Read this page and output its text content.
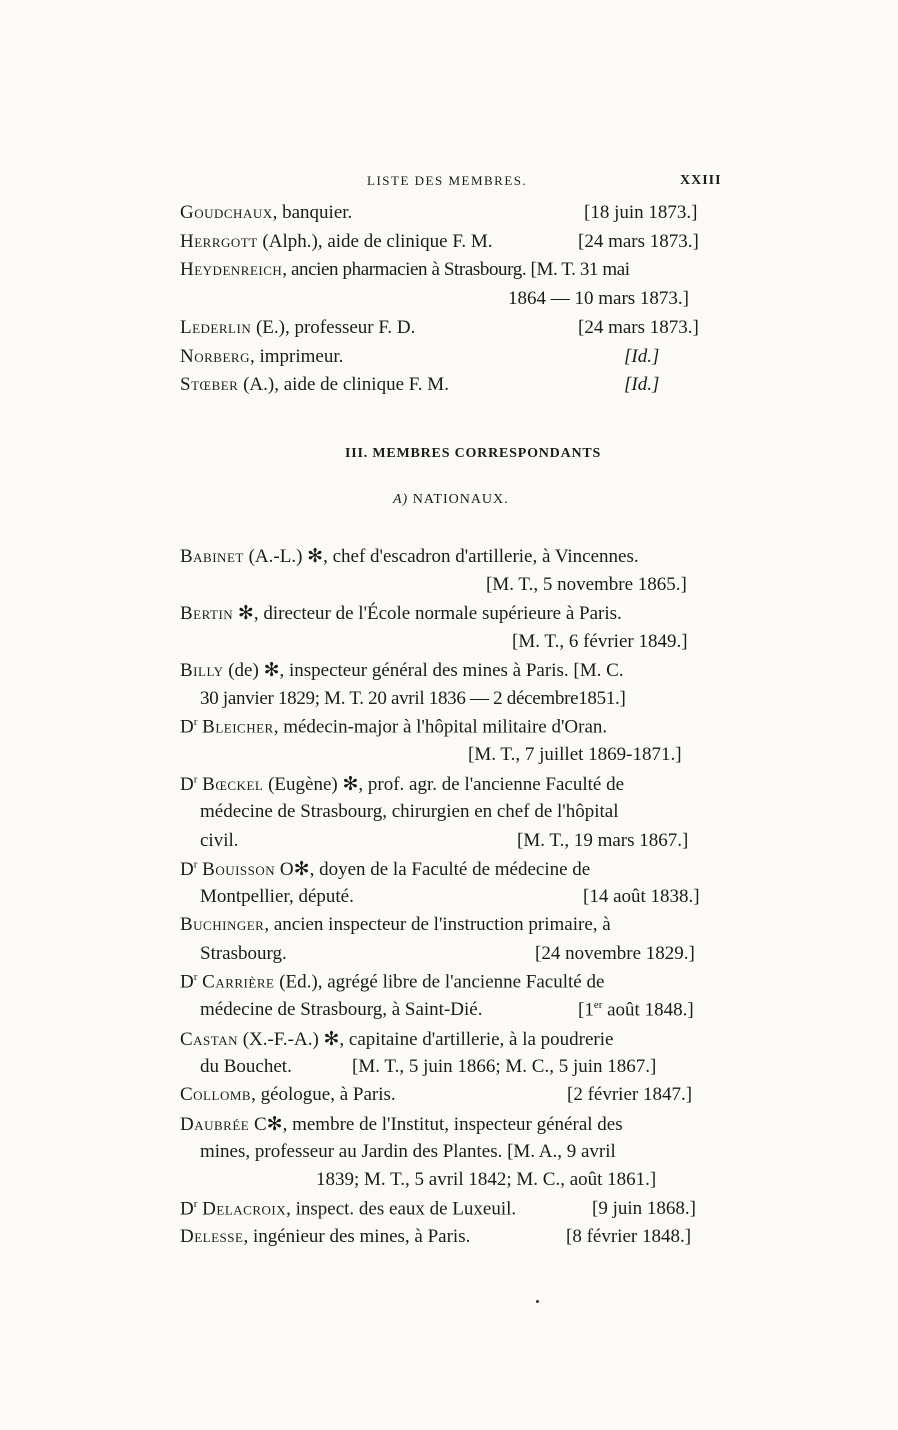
LISTE DES MEMBRES.	XXIII
Goudchaux, banquier.	[18 juin 1873.]
Herrgott (Alph.), aide de clinique F. M.	[24 mars 1873.]
Heydenreich, ancien pharmacien à Strasbourg. [M. T. 31 mai
1864 — 10 mars 1873.]
Lederlin (E.), professeur F. D.	[24 mars 1873.]
Norberg, imprimeur.	[Id.]
Stœber (A.), aide de clinique F. M.	[Id.]
III. MEMBRES CORRESPONDANTS
A) NATIONAUX.
Babinet (A.-L.) ✻, chef d'escadron d'artillerie, à Vincennes.
[M. T., 5 novembre 1865.]
Bertin ✻, directeur de l'École normale supérieure à Paris.
[M. T., 6 février 1849.]
Billy (de) ✻, inspecteur général des mines à Paris. [M. C.
30 janvier 1829; M. T. 20 avril 1836 — 2 décembre1851.]
$D^r$ Bleicher, médecin-major à l'hôpital militaire d'Oran.
[M. T., 7 juillet 1869-1871.]
$D^r$ Bœckel (Eugène) ✻, prof. agr. de l'ancienne Faculté de
médecine de Strasbourg, chirurgien en chef de l'hôpital
civil.	[M. T., 19 mars 1867.]
$D^r$ Bouisson O✻, doyen de la Faculté de médecine de
Montpellier, député.	[14 août 1838.]
Buchinger, ancien inspecteur de l'instruction primaire, à
Strasbourg.	[24 novembre 1829.]
$D^r$ Carrière (Ed.), agrégé libre de l'ancienne Faculté de
médecine de Strasbourg, à Saint-Dié.	[1er août 1848.]
Castan (X.-F.-A.) ✻, capitaine d'artillerie, à la poudrerie
du Bouchet.	[M. T., 5 juin 1866; M. C., 5 juin 1867.]
Collomb, géologue, à Paris.	[2 février 1847.]
Daubrée C✻, membre de l'Institut, inspecteur général des
mines, professeur au Jardin des Plantes. [M. A., 9 avril
1839; M. T., 5 avril 1842; M. C., août 1861.]
$D^r$ Delacroix, inspect. des eaux de Luxeuil.	[9 juin 1868.]
Delesse, ingénieur des mines, à Paris.	[8 février 1848.]
